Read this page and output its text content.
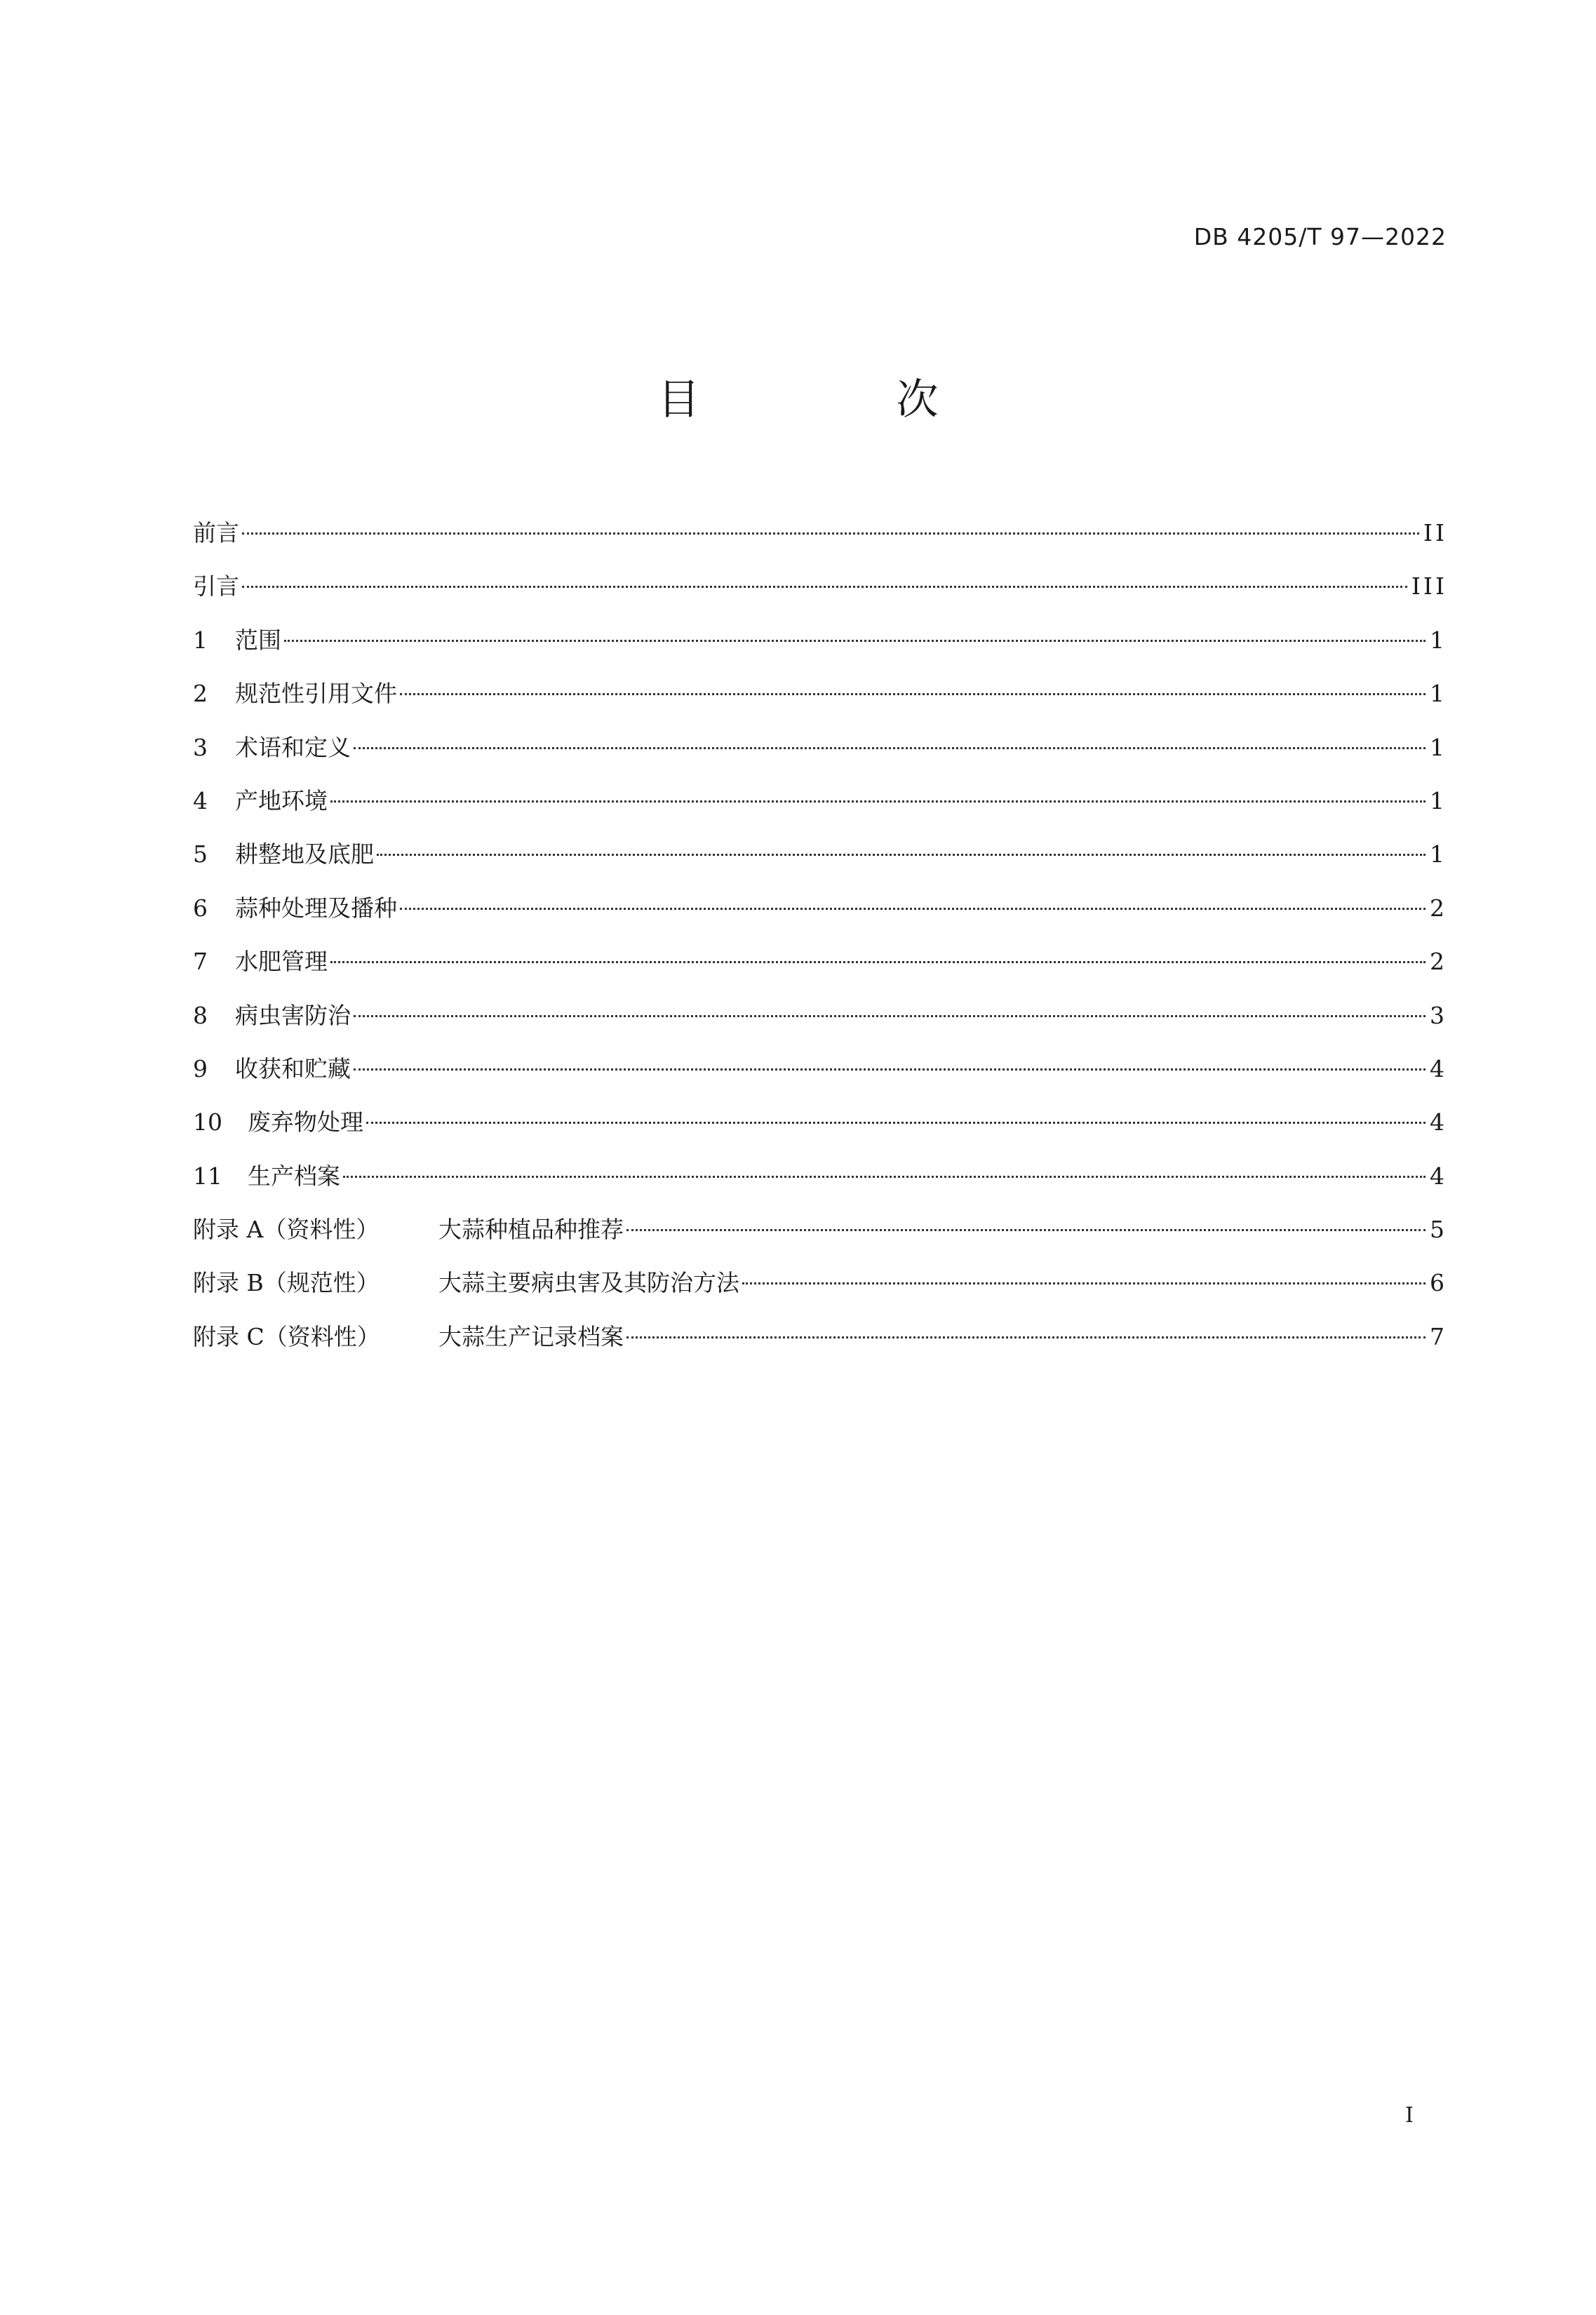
DB 4205/T 97—2022
目　次
前言	II
引言	III
1	范围	1
2	规范性引用文件	1
3	术语和定义	1
4	产地环境	1
5	耕整地及底肥	1
6	蒜种处理及播种	2
7	水肥管理	2
8	病虫害防治	3
9	收获和贮藏	4
10	废弃物处理	4
11	生产档案	4
附录 A（资料性）	大蒜种植品种推荐	5
附录 B（规范性）	大蒜主要病虫害及其防治方法	6
附录 C（资料性）	大蒜生产记录档案	7
I
